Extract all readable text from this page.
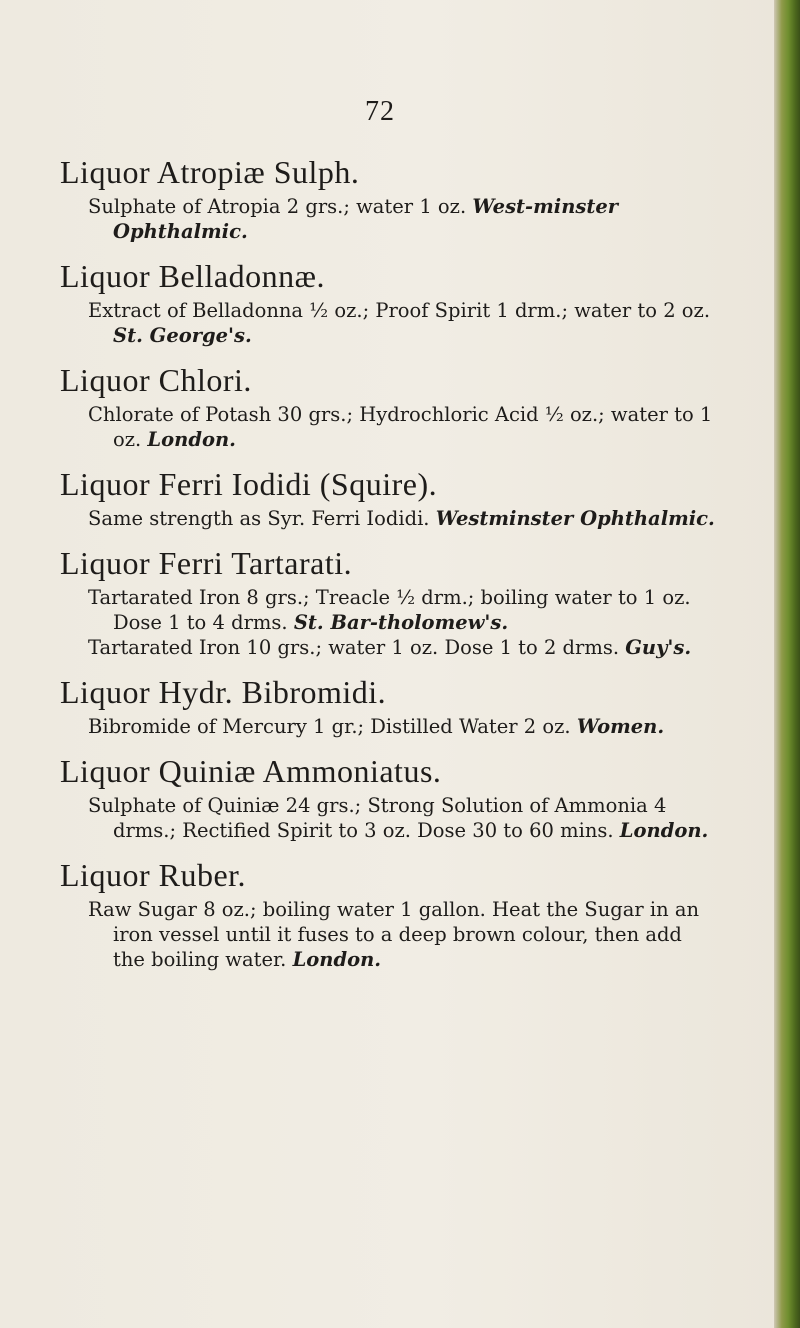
72
Liquor Atropiæ Sulph.
Sulphate of Atropia 2 grs.; water 1 oz. West-minster Ophthalmic.
Liquor Belladonnæ.
Extract of Belladonna ½ oz.; Proof Spirit 1 drm.; water to 2 oz. St. George's.
Liquor Chlori.
Chlorate of Potash 30 grs.; Hydrochloric Acid ½ oz.; water to 1 oz. London.
Liquor Ferri Iodidi (Squire).
Same strength as Syr. Ferri Iodidi. Westminster Ophthalmic.
Liquor Ferri Tartarati.
Tartarated Iron 8 grs.; Treacle ½ drm.; boiling water to 1 oz. Dose 1 to 4 drms. St. Bar-tholomew's.
Tartarated Iron 10 grs.; water 1 oz. Dose 1 to 2 drms. Guy's.
Liquor Hydr. Bibromidi.
Bibromide of Mercury 1 gr.; Distilled Water 2 oz. Women.
Liquor Quiniæ Ammoniatus.
Sulphate of Quiniæ 24 grs.; Strong Solution of Ammonia 4 drms.; Rectified Spirit to 3 oz. Dose 30 to 60 mins. London.
Liquor Ruber.
Raw Sugar 8 oz.; boiling water 1 gallon. Heat the Sugar in an iron vessel until it fuses to a deep brown colour, then add the boiling water. London.
